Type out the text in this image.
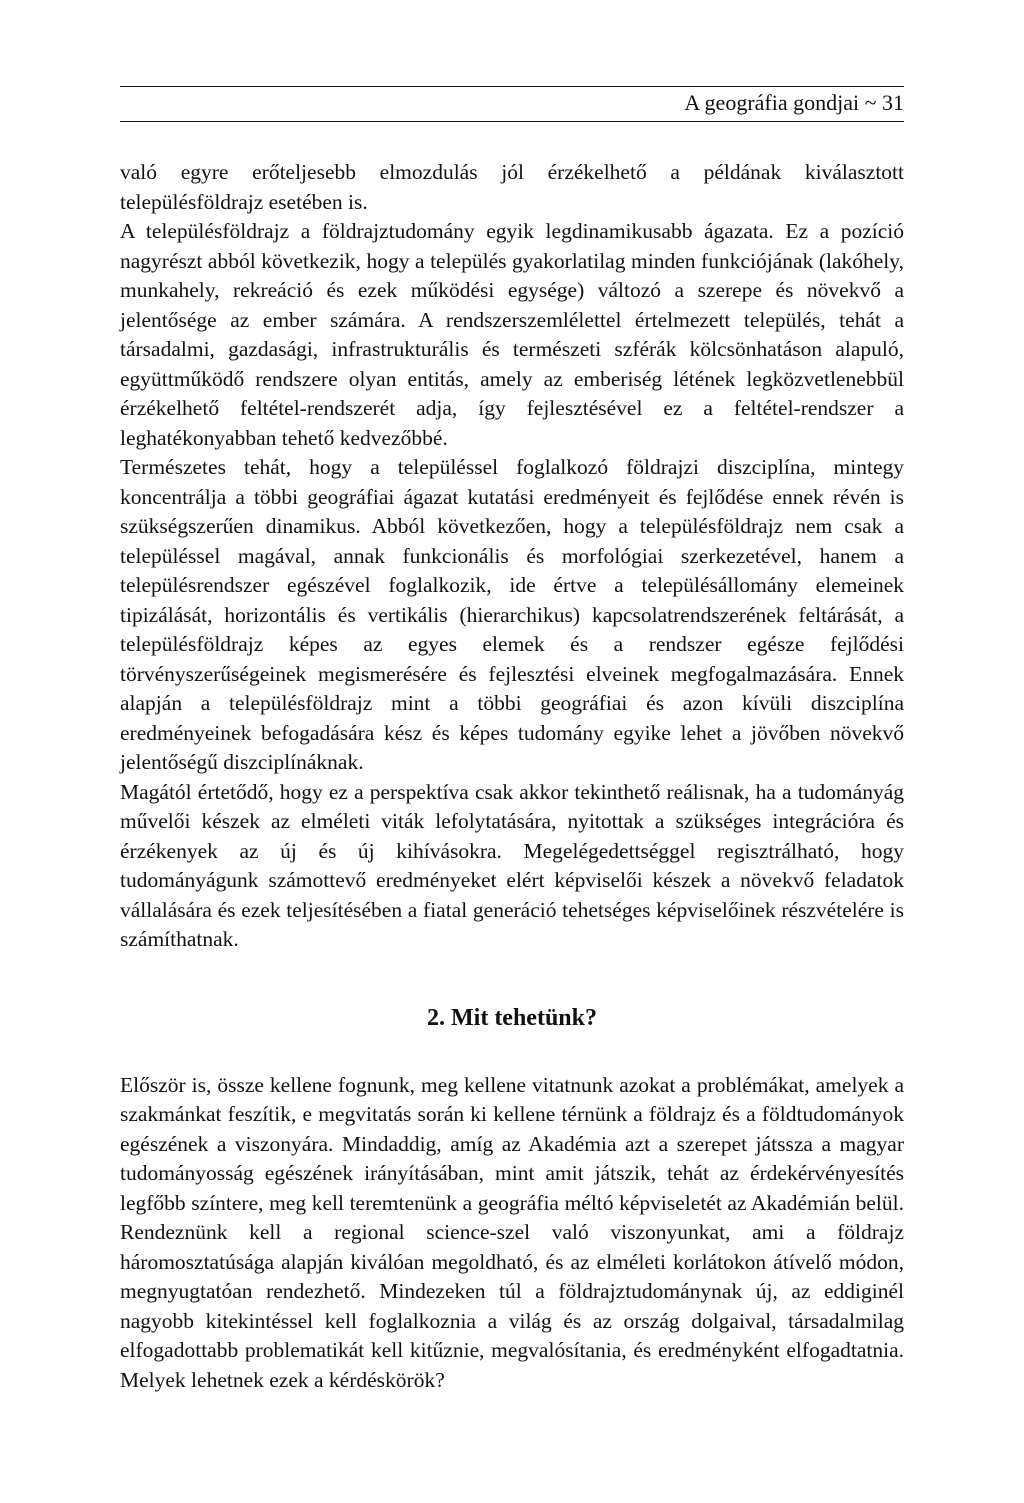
A geográfia gondjai ~ 31

való egyre erőteljesebb elmozdulás jól érzékelhető a példának kiválasztott településföldrajz esetében is.

A településföldrajz a földrajztudomány egyik legdinamikusabb ágazata. Ez a pozíció nagyrészt abból következik, hogy a település gyakorlatilag minden funkciójának (lakóhely, munkahely, rekreáció és ezek működési egysége) változó a szerepe és növekvő a jelentősége az ember számára. A rendszerszemlélettel értelmezett település, tehát a társadalmi, gazdasági, infrastrukturális és természeti szférák kölcsönhatáson alapuló, együttműködő rendszere olyan entitás, amely az emberiség létének legközvetlenebbül érzékelhető feltétel-rendszerét adja, így fejlesztésével ez a feltétel-rendszer a leghatékonyabban tehető kedvezőbbé.

Természetes tehát, hogy a településsel foglalkozó földrajzi diszciplína, mintegy koncentrálja a többi geográfiai ágazat kutatási eredményeit és fejlődése ennek révén is szükségszerűen dinamikus. Abból következően, hogy a településföldrajz nem csak a településsel magával, annak funkcionális és morfológiai szerkezetével, hanem a településrendszer egészével foglalkozik, ide értve a településállomány elemeinek tipizálását, horizontális és vertikális (hierarchikus) kapcsolatrendszerének feltárását, a településföldrajz képes az egyes elemek és a rendszer egésze fejlődési törvényszerűségeinek megismerésére és fejlesztési elveinek megfogalmazására. Ennek alapján a településföldrajz mint a többi geográfiai és azon kívüli diszciplína eredményeinek befogadására kész és képes tudomány egyike lehet a jövőben növekvő jelentőségű diszciplínáknak.

Magától értetődő, hogy ez a perspektíva csak akkor tekinthető reálisnak, ha a tudományág művelői készek az elméleti viták lefolytatására, nyitottak a szükséges integrációra és érzékenyek az új és új kihívásokra. Megelégedettséggel regisztrálható, hogy tudományágunk számottevő eredményeket elért képviselői készek a növekvő feladatok vállalására és ezek teljesítésében a fiatal generáció tehetséges képviselőinek részvételére is számíthatnak.

2. Mit tehetünk?

Először is, össze kellene fognunk, meg kellene vitatnunk azokat a problémákat, amelyek a szakmánkat feszítik, e megvitatás során ki kellene térnünk a földrajz és a földtudományok egészének a viszonyára. Mindaddig, amíg az Akadémia azt a szerepet játssza a magyar tudományosság egészének irányításában, mint amit játszik, tehát az érdekérvényesítés legfőbb színtere, meg kell teremtenünk a geográfia méltó képviseletét az Akadémián belül. Rendeznünk kell a regional science-szel való viszonyunkat, ami a földrajz háromosztatúsága alapján kiválóan megoldható, és az elméleti korlátokon átívelő módon, megnyugtatóan rendezhető. Mindezeken túl a földrajztudománynak új, az eddiginél nagyobb kitekintéssel kell foglalkoznia a világ és az ország dolgaival, társadalmilag elfogadottabb problematikát kell kitűznie, megvalósítania, és eredményként elfogadtatnia. Melyek lehetnek ezek a kérdéskörök?
